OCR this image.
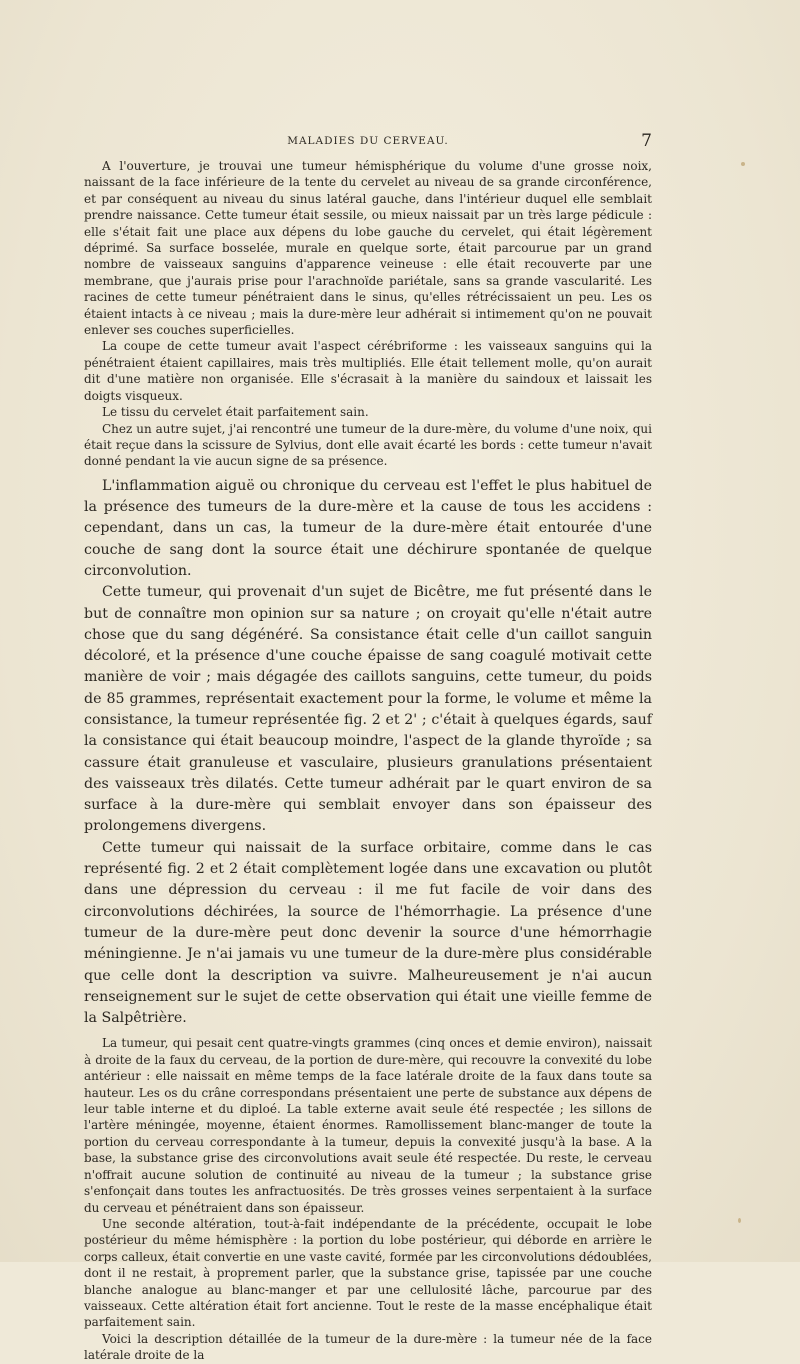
MALADIES DU CERVEAU.	7

A l'ouverture, je trouvai une tumeur hémisphérique du volume d'une grosse noix, naissant de la face inférieure de la tente du cervelet au niveau de sa grande circonférence, et par conséquent au niveau du sinus latéral gauche, dans l'intérieur duquel elle semblait prendre naissance. Cette tumeur était sessile, ou mieux naissait par un très large pédicule : elle s'était fait une place aux dépens du lobe gauche du cervelet, qui était légèrement déprimé. Sa surface bosselée, murale en quelque sorte, était parcourue par un grand nombre de vaisseaux sanguins d'apparence veineuse : elle était recouverte par une membrane, que j'aurais prise pour l'arachnoïde pariétale, sans sa grande vascularité. Les racines de cette tumeur pénétraient dans le sinus, qu'elles rétrécissaient un peu. Les os étaient intacts à ce niveau ; mais la dure-mère leur adhérait si intimement qu'on ne pouvait enlever ses couches superficielles.

La coupe de cette tumeur avait l'aspect cérébriforme : les vaisseaux sanguins qui la pénétraient étaient capillaires, mais très multipliés. Elle était tellement molle, qu'on aurait dit d'une matière non organisée. Elle s'écrasait à la manière du saindoux et laissait les doigts visqueux.

Le tissu du cervelet était parfaitement sain.

Chez un autre sujet, j'ai rencontré une tumeur de la dure-mère, du volume d'une noix, qui était reçue dans la scissure de Sylvius, dont elle avait écarté les bords : cette tumeur n'avait donné pendant la vie aucun signe de sa présence.

L'inflammation aiguë ou chronique du cerveau est l'effet le plus habituel de la présence des tumeurs de la dure-mère et la cause de tous les accidens : cependant, dans un cas, la tumeur de la dure-mère était entourée d'une couche de sang dont la source était une déchirure spontanée de quelque circonvolution.

Cette tumeur, qui provenait d'un sujet de Bicêtre, me fut présenté dans le but de connaître mon opinion sur sa nature ; on croyait qu'elle n'était autre chose que du sang dégénéré. Sa consistance était celle d'un caillot sanguin décoloré, et la présence d'une couche épaisse de sang coagulé motivait cette manière de voir ; mais dégagée des caillots sanguins, cette tumeur, du poids de 85 grammes, représentait exactement pour la forme, le volume et même la consistance, la tumeur représentée fig. 2 et 2' ; c'était à quelques égards, sauf la consistance qui était beaucoup moindre, l'aspect de la glande thyroïde ; sa cassure était granuleuse et vasculaire, plusieurs granulations présentaient des vaisseaux très dilatés. Cette tumeur adhérait par le quart environ de sa surface à la dure-mère qui semblait envoyer dans son épaisseur des prolongemens divergens.

Cette tumeur qui naissait de la surface orbitaire, comme dans le cas représenté fig. 2 et 2 était complètement logée dans une excavation ou plutôt dans une dépression du cerveau : il me fut facile de voir dans des circonvolutions déchirées, la source de l'hémorrhagie. La présence d'une tumeur de la dure-mère peut donc devenir la source d'une hémorrhagie méningienne. Je n'ai jamais vu une tumeur de la dure-mère plus considérable que celle dont la description va suivre. Malheureusement je n'ai aucun renseignement sur le sujet de cette observation qui était une vieille femme de la Salpêtrière.

La tumeur, qui pesait cent quatre-vingts grammes (cinq onces et demie environ), naissait à droite de la faux du cerveau, de la portion de dure-mère, qui recouvre la convexité du lobe antérieur : elle naissait en même temps de la face latérale droite de la faux dans toute sa hauteur. Les os du crâne correspondans présentaient une perte de substance aux dépens de leur table interne et du diploé. La table externe avait seule été respectée ; les sillons de l'artère méningée, moyenne, étaient énormes. Ramollissement blanc-manger de toute la portion du cerveau correspondante à la tumeur, depuis la convexité jusqu'à la base. A la base, la substance grise des circonvolutions avait seule été respectée. Du reste, le cerveau n'offrait aucune solution de continuité au niveau de la tumeur ; la substance grise s'enfonçait dans toutes les anfractuosités. De très grosses veines serpentaient à la surface du cerveau et pénétraient dans son épaisseur.

Une seconde altération, tout-à-fait indépendante de la précédente, occupait le lobe postérieur du même hémisphère : la portion du lobe postérieur, qui déborde en arrière le corps calleux, était convertie en une vaste cavité, formée par les circonvolutions dédoublées, dont il ne restait, à proprement parler, que la substance grise, tapissée par une couche blanche analogue au blanc-manger et par une cellulosité lâche, parcourue par des vaisseaux. Cette altération était fort ancienne. Tout le reste de la masse encéphalique était parfaitement sain.

Voici la description détaillée de la tumeur de la dure-mère : la tumeur née de la face latérale droite de la
